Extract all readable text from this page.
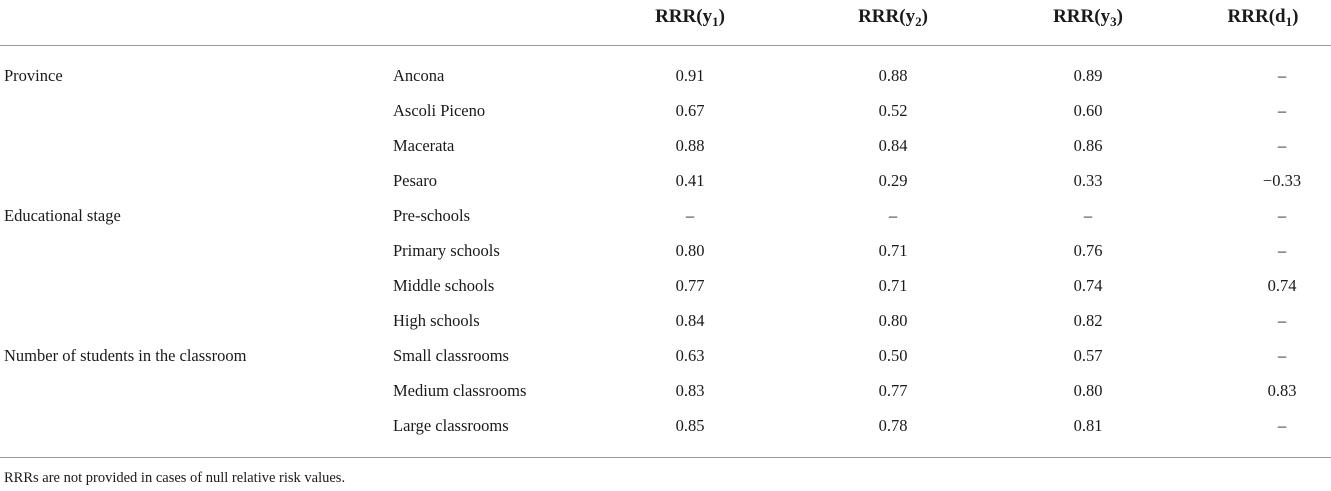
$RRR(y_1)$	$RRR(y_2)$	$RRR(y_3)$	$RRR(d_1)$
Province	Ancona	0.91	0.88	0.89	–
Ascoli Piceno	0.67	0.52	0.60	–
Macerata	0.88	0.84	0.86	–
Pesaro	0.41	0.29	0.33	−0.33
Educational stage	Pre-schools	–	–	–	–
Primary schools	0.80	0.71	0.76	–
Middle schools	0.77	0.71	0.74	0.74
High schools	0.84	0.80	0.82	–
Number of students in the classroom	Small classrooms	0.63	0.50	0.57	–
Medium classrooms	0.83	0.77	0.80	0.83
Large classrooms	0.85	0.78	0.81	–
RRRs are not provided in cases of null relative risk values.
